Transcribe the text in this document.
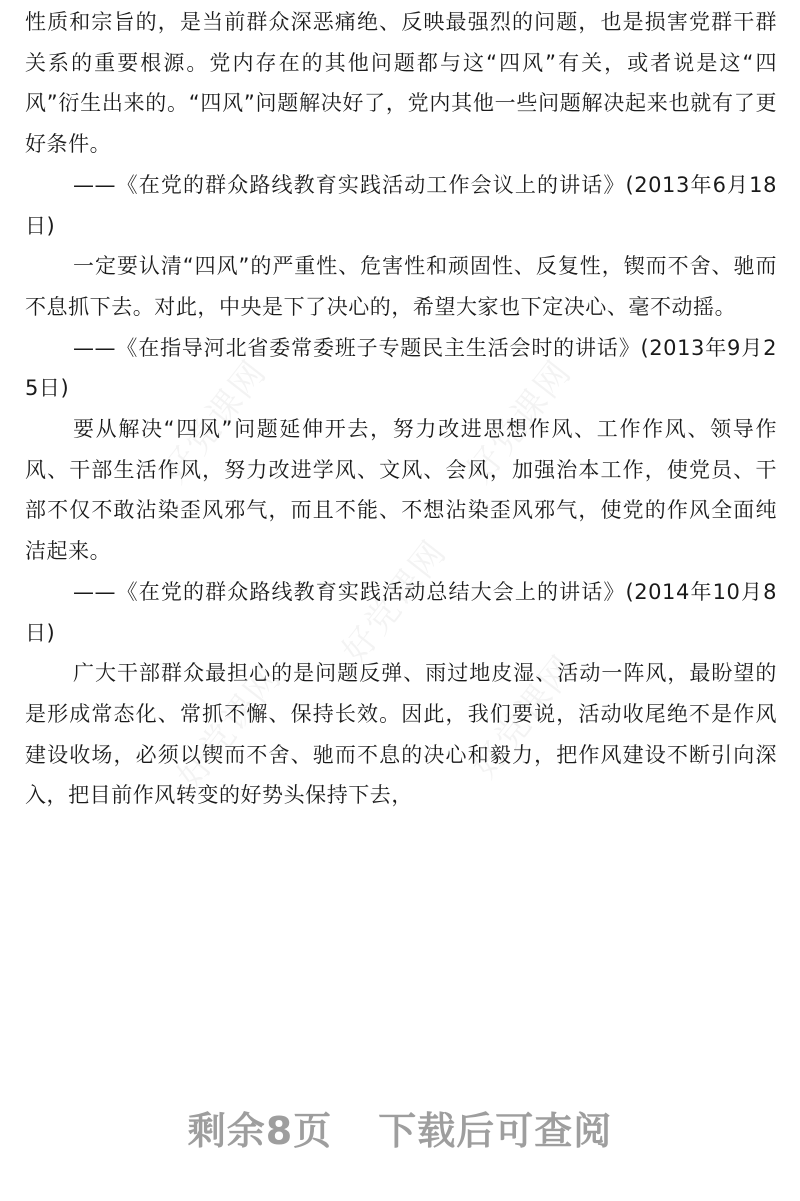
好党课网	好党课网
好党课网
好党课网	好党课网

性质和宗旨的，是当前群众深恶痛绝、反映最强烈的问题，也是损害党群干群关系的重要根源。党内存在的其他问题都与这“四风”有关，或者说是这“四风”衍生出来的。“四风”问题解决好了，党内其他一些问题解决起来也就有了更好条件。

——《在党的群众路线教育实践活动工作会议上的讲话》(2013年6月18日)

一定要认清“四风”的严重性、危害性和顽固性、反复性，锲而不舍、驰而不息抓下去。对此，中央是下了决心的，希望大家也下定决心、毫不动摇。

——《在指导河北省委常委班子专题民主生活会时的讲话》(2013年9月25日)

要从解决“四风”问题延伸开去，努力改进思想作风、工作作风、领导作风、干部生活作风，努力改进学风、文风、会风，加强治本工作，使党员、干部不仅不敢沾染歪风邪气，而且不能、不想沾染歪风邪气，使党的作风全面纯洁起来。

——《在党的群众路线教育实践活动总结大会上的讲话》(2014年10月8日)

广大干部群众最担心的是问题反弹、雨过地皮湿、活动一阵风，最盼望的是形成常态化、常抓不懈、保持长效。因此，我们要说，活动收尾绝不是作风建设收场，必须以锲而不舍、驰而不息的决心和毅力，把作风建设不断引向深入，把目前作风转变的好势头保持下去，

剩余8页 下载后可查阅
